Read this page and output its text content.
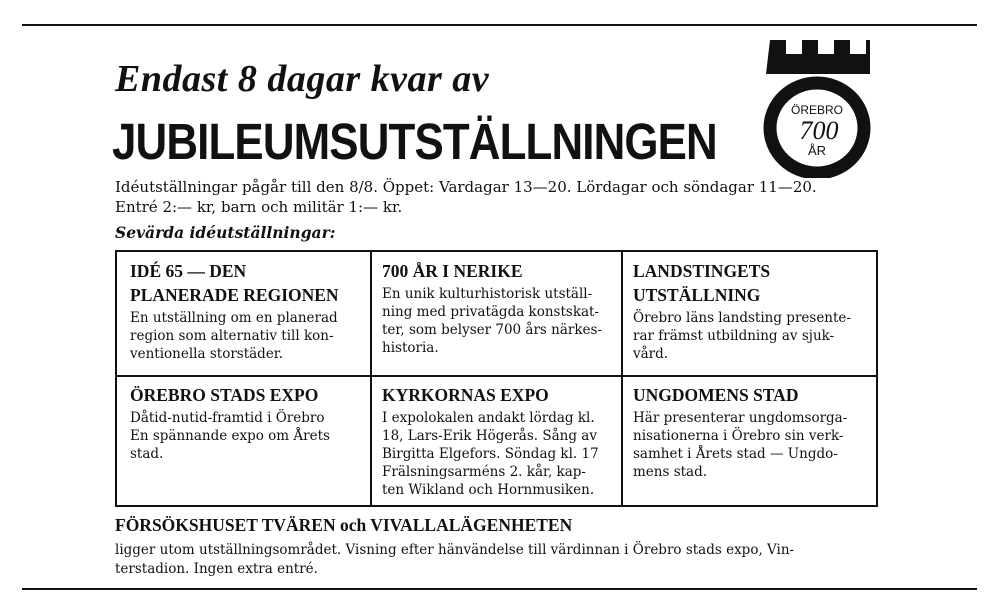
Endast 8 dagar kvar av
JUBILEUMSUTSTÄLLNINGEN
ÖREBRO
700
ÅR
Idéutställningar pågår till den 8/8. Öppet: Vardagar 13—20. Lördagar och söndagar 11—20.
Entré 2:— kr, barn och militär 1:— kr.
Sevärda idéutställningar:
IDÉ 65 — DEN
PLANERADE REGIONEN
En utställning om en planerad
region som alternativ till kon-
ventionella storstäder.
700 ÅR I NERIKE
En unik kulturhistorisk utställ-
ning med privatägda konstskat-
ter, som belyser 700 års närkes-
historia.
LANDSTINGETS
UTSTÄLLNING
Örebro läns landsting presente-
rar främst utbildning av sjuk-
vård.
ÖREBRO STADS EXPO
Dåtid-nutid-framtid i Örebro
En spännande expo om Årets
stad.
KYRKORNAS EXPO
I expolokalen andakt lördag kl.
18, Lars-Erik Högerås. Sång av
Birgitta Elgefors. Söndag kl. 17
Frälsningsarméns 2. kår, kap-
ten Wikland och Hornmusiken.
UNGDOMENS STAD
Här presenterar ungdomsorga-
nisationerna i Örebro sin verk-
samhet i Årets stad — Ungdo-
mens stad.
FÖRSÖKSHUSET TVÄREN och VIVALLALÄGENHETEN
ligger utom utställningsområdet. Visning efter hänvändelse till värdinnan i Örebro stads expo, Vin-
terstadion. Ingen extra entré.
